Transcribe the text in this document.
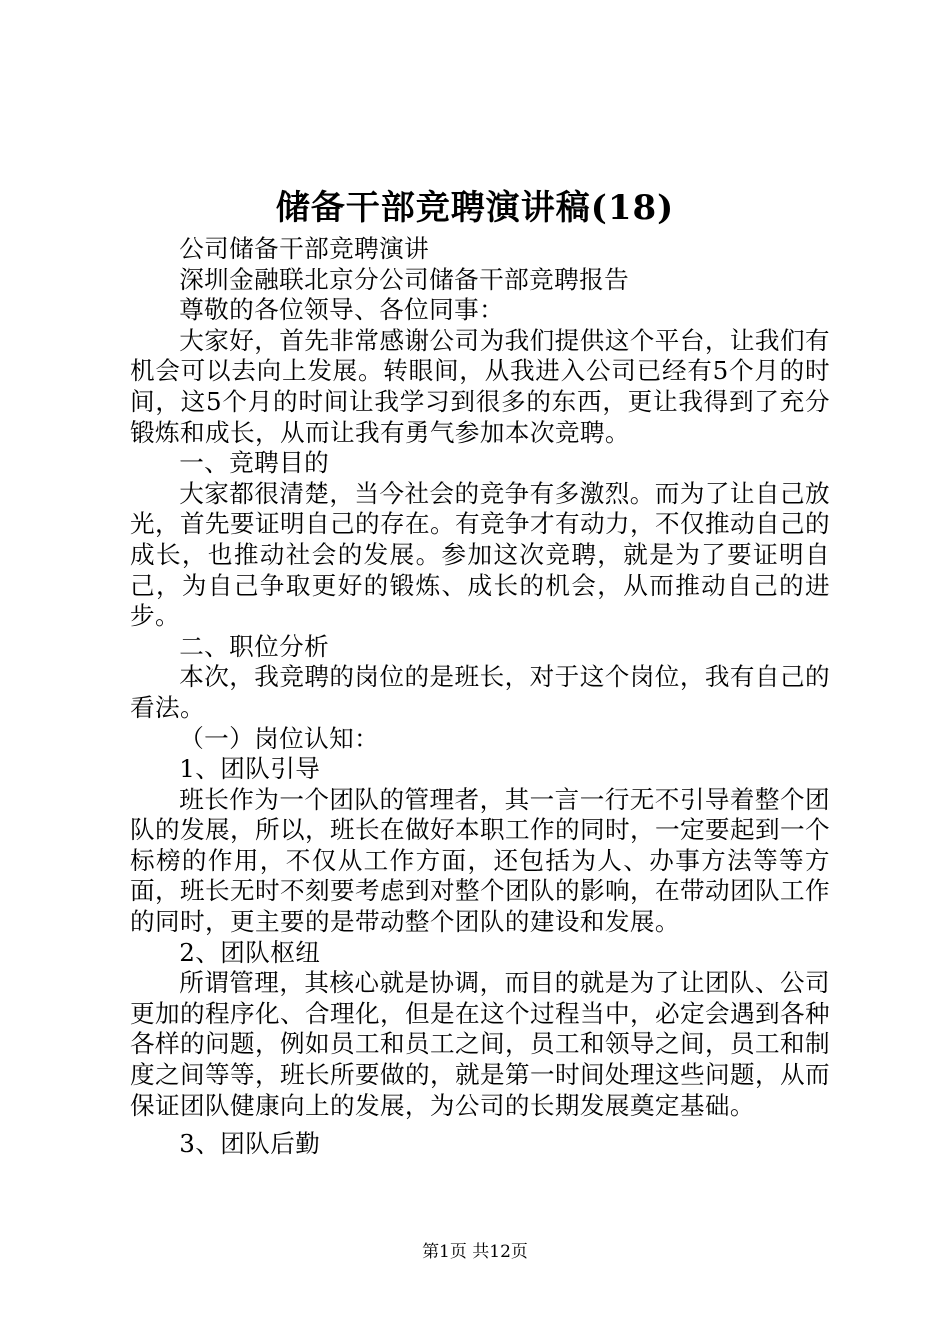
储备干部竞聘演讲稿(18)

公司储备干部竞聘演讲

深圳金融联北京分公司储备干部竞聘报告

尊敬的各位领导、各位同事：

大家好，首先非常感谢公司为我们提供这个平台，让我们有机会可以去向上发展。转眼间，从我进入公司已经有5个月的时间，这5个月的时间让我学习到很多的东西，更让我得到了充分锻炼和成长，从而让我有勇气参加本次竞聘。

一、竞聘目的

大家都很清楚，当今社会的竞争有多激烈。而为了让自己放光，首先要证明自己的存在。有竞争才有动力，不仅推动自己的成长，也推动社会的发展。参加这次竞聘，就是为了要证明自己，为自己争取更好的锻炼、成长的机会，从而推动自己的进步。

二、职位分析

本次，我竞聘的岗位的是班长，对于这个岗位，我有自己的看法。

（一）岗位认知：

1、团队引导

班长作为一个团队的管理者，其一言一行无不引导着整个团队的发展，所以，班长在做好本职工作的同时，一定要起到一个标榜的作用，不仅从工作方面，还包括为人、办事方法等等方面，班长无时不刻要考虑到对整个团队的影响，在带动团队工作的同时，更主要的是带动整个团队的建设和发展。

2、团队枢纽

所谓管理，其核心就是协调，而目的就是为了让团队、公司更加的程序化、合理化，但是在这个过程当中，必定会遇到各种各样的问题，例如员工和员工之间，员工和领导之间，员工和制度之间等等，班长所要做的，就是第一时间处理这些问题，从而保证团队健康向上的发展，为公司的长期发展奠定基础。

3、团队后勤

第1页 共12页
